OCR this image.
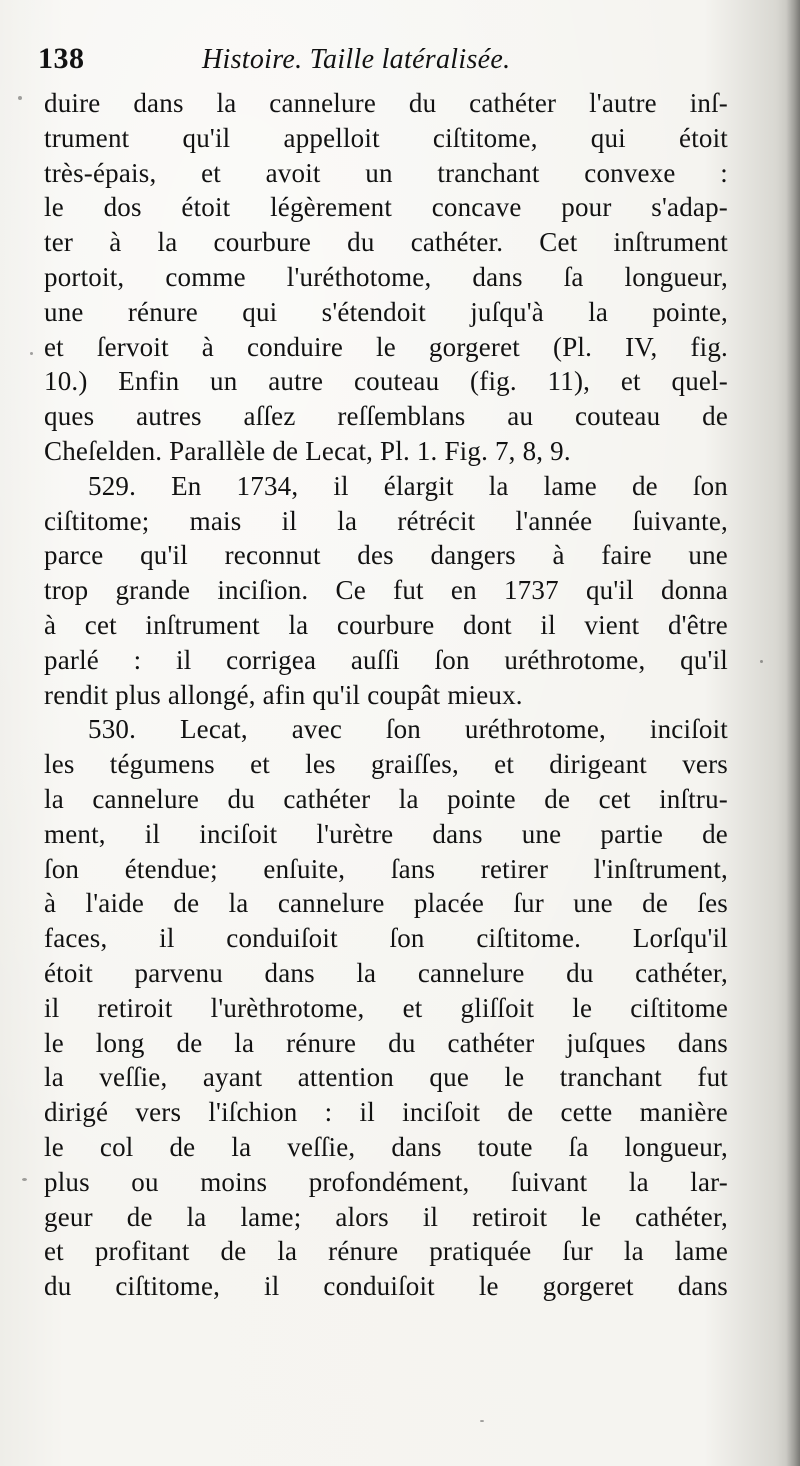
138	Histoire. Taille latéralisée.
duire dans la cannelure du cathéter l'autre inſ-
trument qu'il appelloit ciſtitome, qui étoit
très-épais, et avoit un tranchant convexe :
le dos étoit légèrement concave pour s'adap-
ter à la courbure du cathéter. Cet inſtrument
portoit, comme l'uréthotome, dans ſa longueur,
une rénure qui s'étendoit juſqu'à la pointe,
et ſervoit à conduire le gorgeret (Pl. IV, fig.
10.) Enfin un autre couteau (fig. 11), et quel-
ques autres aſſez reſſemblans au couteau de
Cheſelden. Parallèle de Lecat, Pl. 1. Fig. 7, 8, 9.
529. En 1734, il élargit la lame de ſon
ciſtitome; mais il la rétrécit l'année ſuivante,
parce qu'il reconnut des dangers à faire une
trop grande inciſion. Ce fut en 1737 qu'il donna
à cet inſtrument la courbure dont il vient d'être
parlé : il corrigea auſſi ſon uréthrotome, qu'il
rendit plus allongé, afin qu'il coupât mieux.
530. Lecat, avec ſon uréthrotome, inciſoit
les tégumens et les graiſſes, et dirigeant vers
la cannelure du cathéter la pointe de cet inſtru-
ment, il inciſoit l'urètre dans une partie de
ſon étendue; enſuite, ſans retirer l'inſtrument,
à l'aide de la cannelure placée ſur une de ſes
faces, il conduiſoit ſon ciſtitome. Lorſqu'il
étoit parvenu dans la cannelure du cathéter,
il retiroit l'urèthrotome, et gliſſoit le ciſtitome
le long de la rénure du cathéter juſques dans
la veſſie, ayant attention que le tranchant fut
dirigé vers l'iſchion : il inciſoit de cette manière
le col de la veſſie, dans toute ſa longueur,
plus ou moins profondément, ſuivant la lar-
geur de la lame; alors il retiroit le cathéter,
et profitant de la rénure pratiquée ſur la lame
du ciſtitome, il conduiſoit le gorgeret dans
